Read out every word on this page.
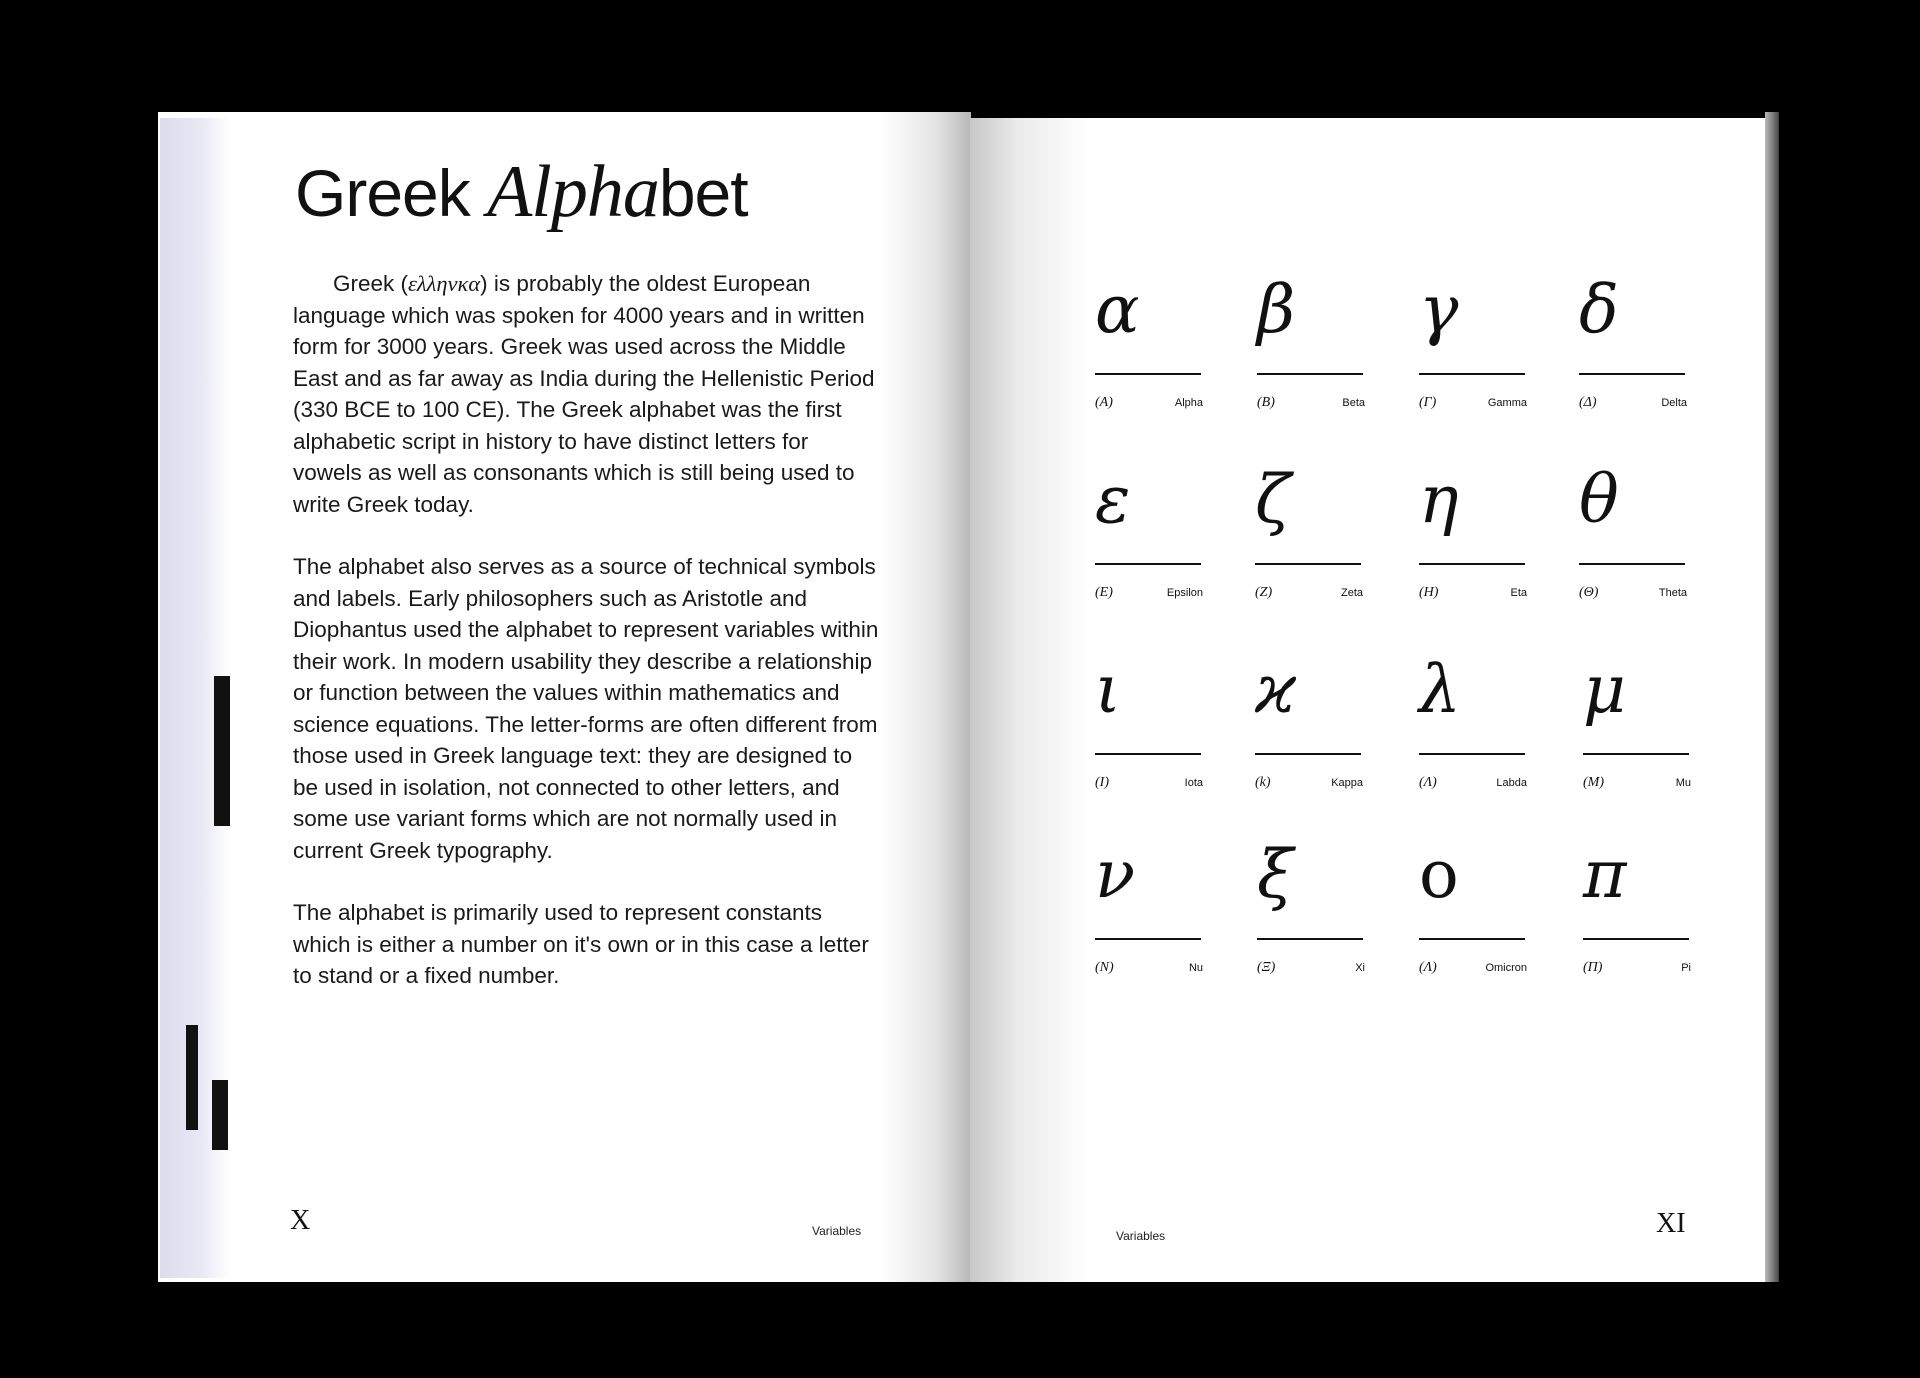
Greek Alphabet

Greek (ελληνκα) is probably the oldest European language which was spoken for 4000 years and in written form for 3000 years. Greek was used across the Middle East and as far away as India during the Hellenistic Period (330 BCE to 100 CE). The Greek alphabet was the first alphabetic script in history to have distinct letters for vowels as well as consonants which is still being used to write Greek today.

The alphabet also serves as a source of technical symbols and labels. Early philosophers such as Aristotle and Diophantus used the alphabet to represent variables within their work. In modern usability they describe a relationship or function between the values within mathematics and science equations. The letter-forms are often different from those used in Greek language text: they are designed to be used in isolation, not connected to other letters, and some use variant forms which are not normally used in current Greek typography.

The alphabet is primarily used to represent constants which is either a number on it's own or in this case a letter to stand or a fixed number.

X	Variables
α
(A)	Alpha
β
(B)	Beta
γ
(Γ)	Gamma
δ
(Δ)	Delta
ε
(E)	Epsilon
ζ
(Z)	Zeta
η
(H)	Eta
θ
(Θ)	Theta
ι
(I)	Iota
ϰ
(k)	Kappa
λ
(Λ)	Labda
μ
(M)	Mu
ν
(N)	Nu
ξ
(Ξ)	Xi
ο
(Λ)	Omicron
π
(Π)	Pi
Variables	XI
